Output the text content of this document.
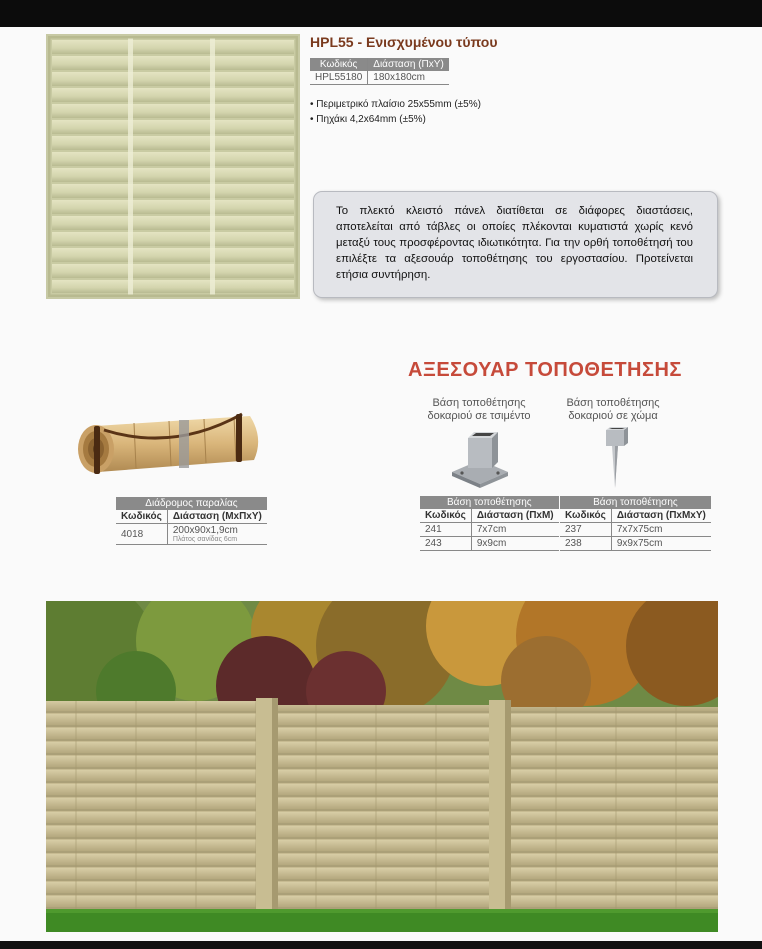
HPL55 - Ενισχυμένου τύπου
Κωδικός	Διάσταση (ΠxΥ)
HPL55180	180x180cm
• Περιμετρικό πλαίσιο 25x55mm (±5%)
• Πηχάκι 4,2x64mm (±5%)
Το πλεκτό κλειστό πάνελ διατίθεται σε διάφορες διαστάσεις, αποτελείται από τάβλες οι οποίες πλέκονται κυματιστά χωρίς κενό μεταξύ τους προσφέροντας ιδιωτικότητα. Για την ορθή τοποθέτησή του επιλέξτε τα αξεσουάρ τοποθέτησης του εργοστασίου. Προτείνεται ετήσια συντήρηση.
ΑΞΕΣΟΥΑΡ ΤΟΠΟΘΕΤΗΣΗΣ
Διάδρομος παραλίας	
Κωδικός	Διάσταση (ΜxΠxΥ)
4018	200x90x1,9cm
Πλάτος σανίδας 6cm
Βάση τοποθέτησης
δοκαριού σε τσιμέντο
Βάση τοποθέτησης	
Κωδικός	Διάσταση (ΠxΜ)
241	7x7cm
243	9x9cm
Βάση τοποθέτησης
δοκαριού σε χώμα
Βάση τοποθέτησης	
Κωδικός	Διάσταση (ΠxΜxΥ)
237	7x7x75cm
238	9x9x75cm
